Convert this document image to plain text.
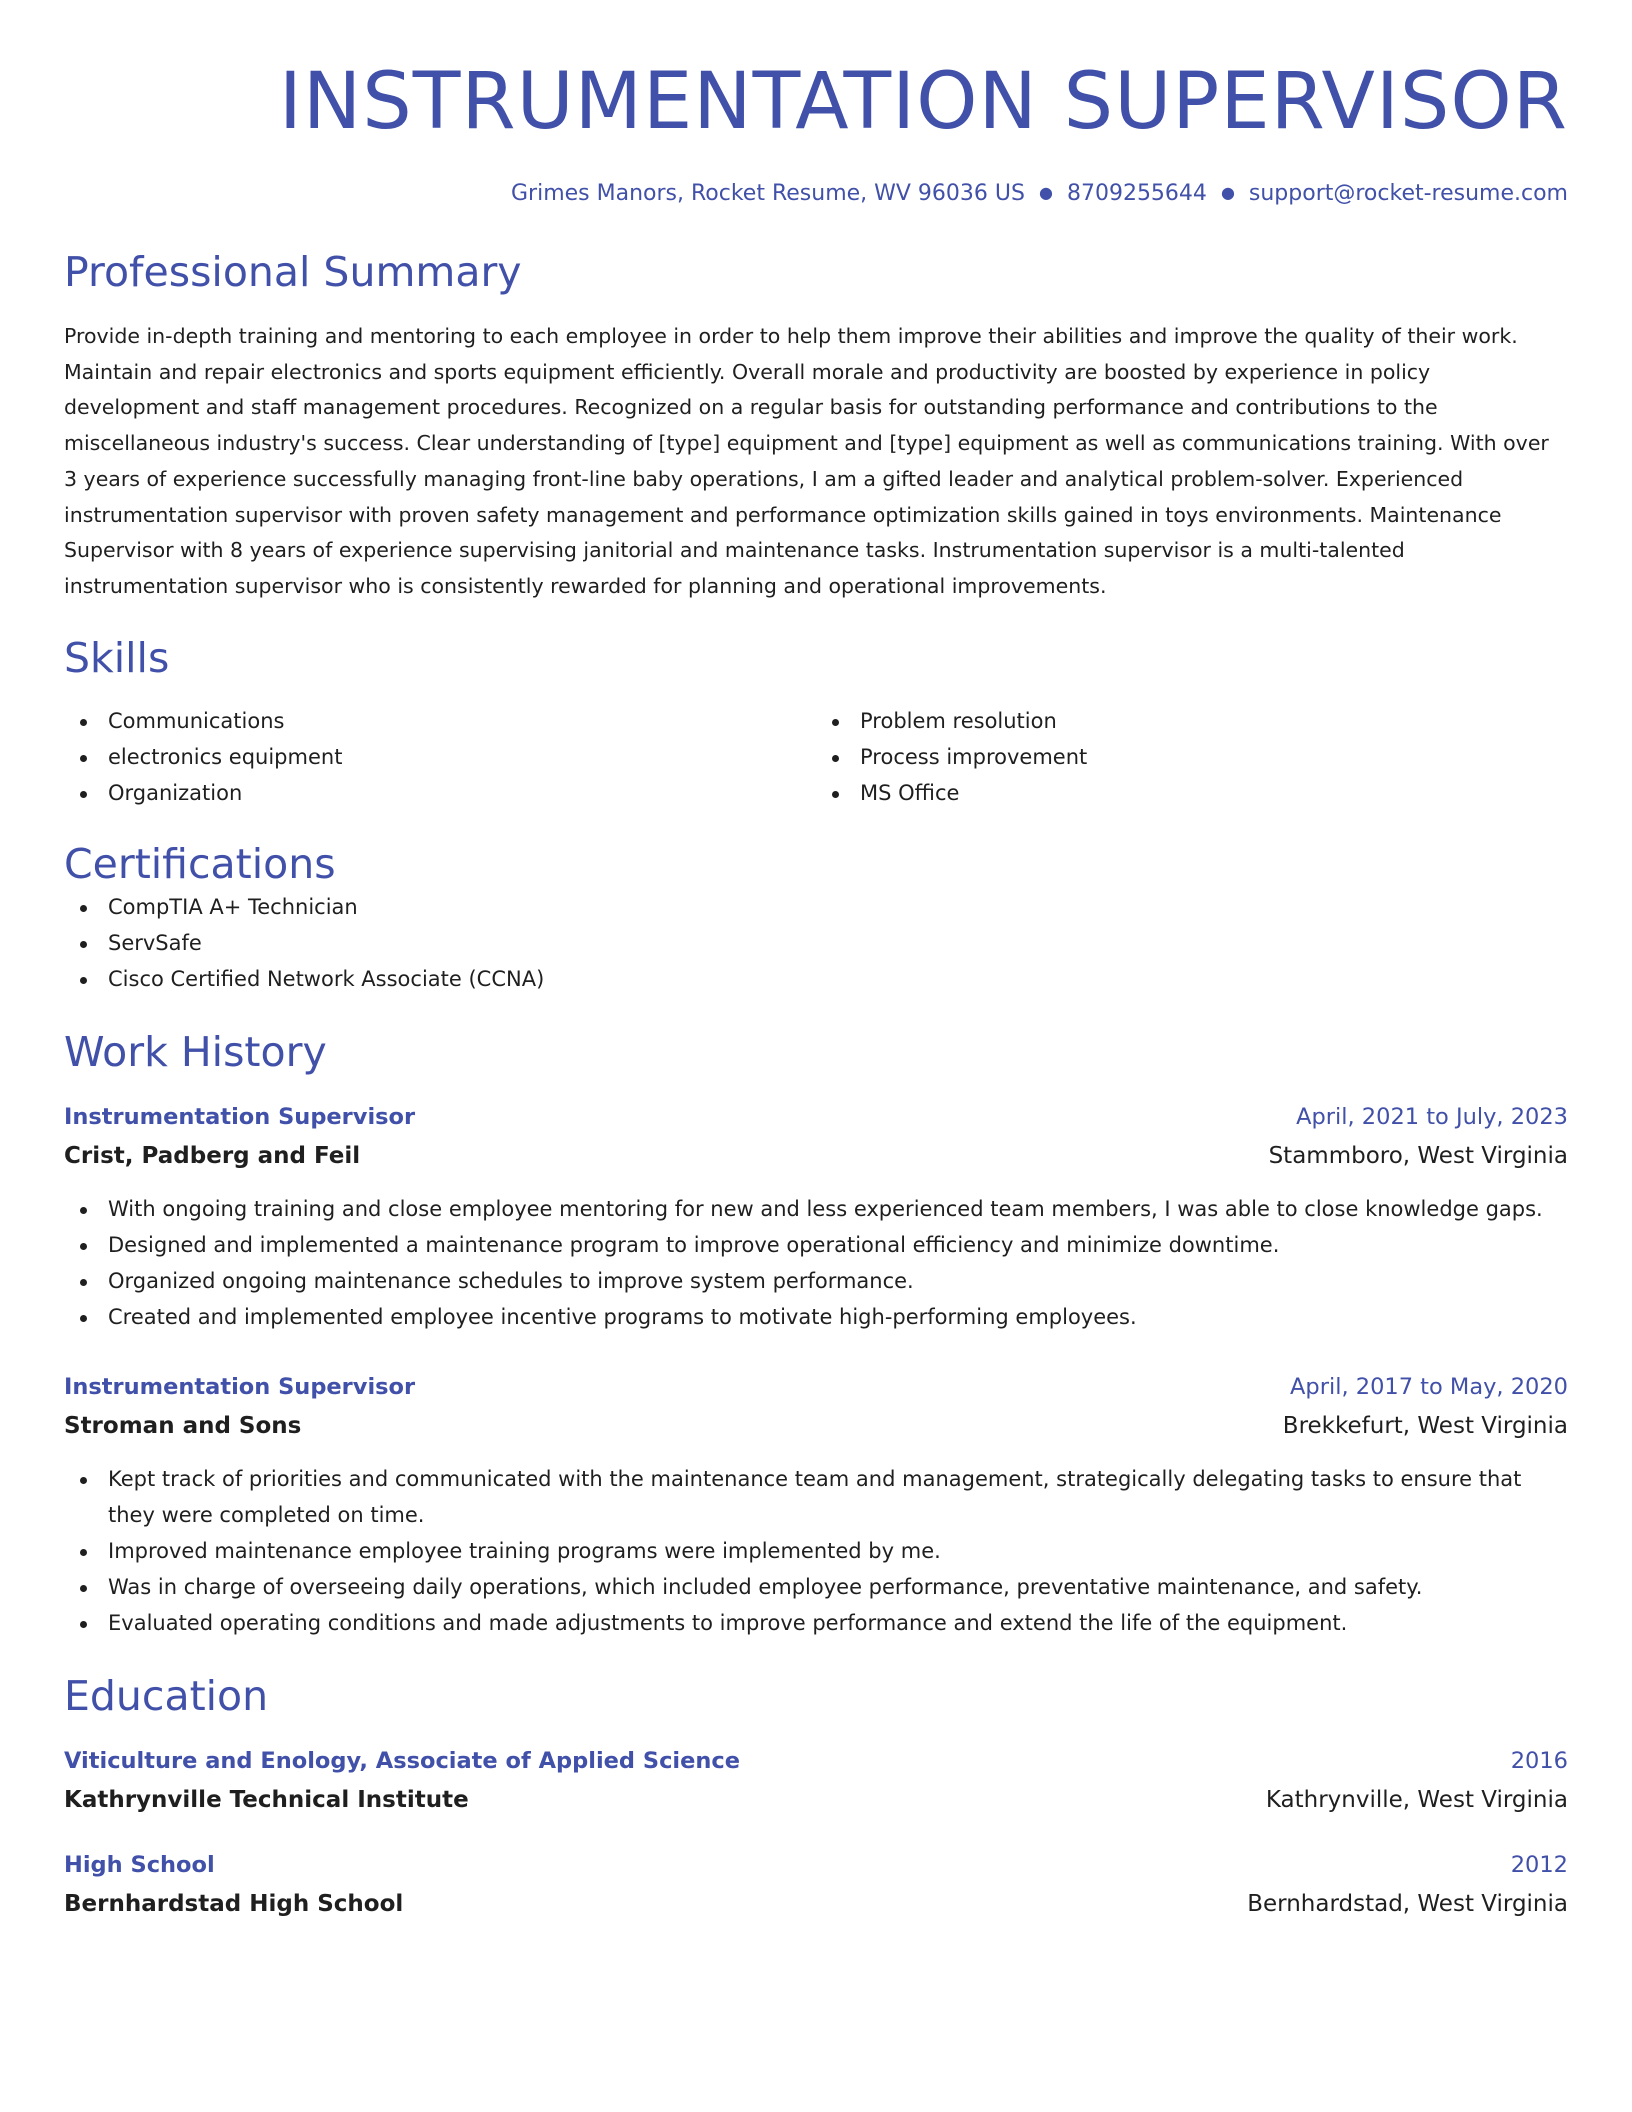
INSTRUMENTATION SUPERVISOR
Grimes Manors, Rocket Resume, WV 96036 US ● 8709255644 ● support@rocket-resume.com
Professional Summary

Provide in-depth training and mentoring to each employee in order to help them improve their abilities and improve the quality of their work. Maintain and repair electronics and sports equipment efficiently. Overall morale and productivity are boosted by experience in policy development and staff management procedures. Recognized on a regular basis for outstanding performance and contributions to the miscellaneous industry's success. Clear understanding of [type] equipment and [type] equipment as well as communications training. With over 3 years of experience successfully managing front-line baby operations, I am a gifted leader and analytical problem-solver. Experienced instrumentation supervisor with proven safety management and performance optimization skills gained in toys environments. Maintenance Supervisor with 8 years of experience supervising janitorial and maintenance tasks. Instrumentation supervisor is a multi-talented instrumentation supervisor who is consistently rewarded for planning and operational improvements.

Skills
Communications
electronics equipment
Organization
Problem resolution
Process improvement
MS Office
Certifications
CompTIA A+ Technician
ServSafe
Cisco Certified Network Associate (CCNA)
Work History
Instrumentation Supervisor	April, 2021 to July, 2023
Crist, Padberg and Feil	Stammboro, West Virginia
With ongoing training and close employee mentoring for new and less experienced team members, I was able to close knowledge gaps.
Designed and implemented a maintenance program to improve operational efficiency and minimize downtime.
Organized ongoing maintenance schedules to improve system performance.
Created and implemented employee incentive programs to motivate high-performing employees.
Instrumentation Supervisor	April, 2017 to May, 2020
Stroman and Sons	Brekkefurt, West Virginia
Kept track of priorities and communicated with the maintenance team and management, strategically delegating tasks to ensure that they were completed on time.
Improved maintenance employee training programs were implemented by me.
Was in charge of overseeing daily operations, which included employee performance, preventative maintenance, and safety.
Evaluated operating conditions and made adjustments to improve performance and extend the life of the equipment.
Education
Viticulture and Enology, Associate of Applied Science	2016
Kathrynville Technical Institute	Kathrynville, West Virginia
High School	2012
Bernhardstad High School	Bernhardstad, West Virginia
